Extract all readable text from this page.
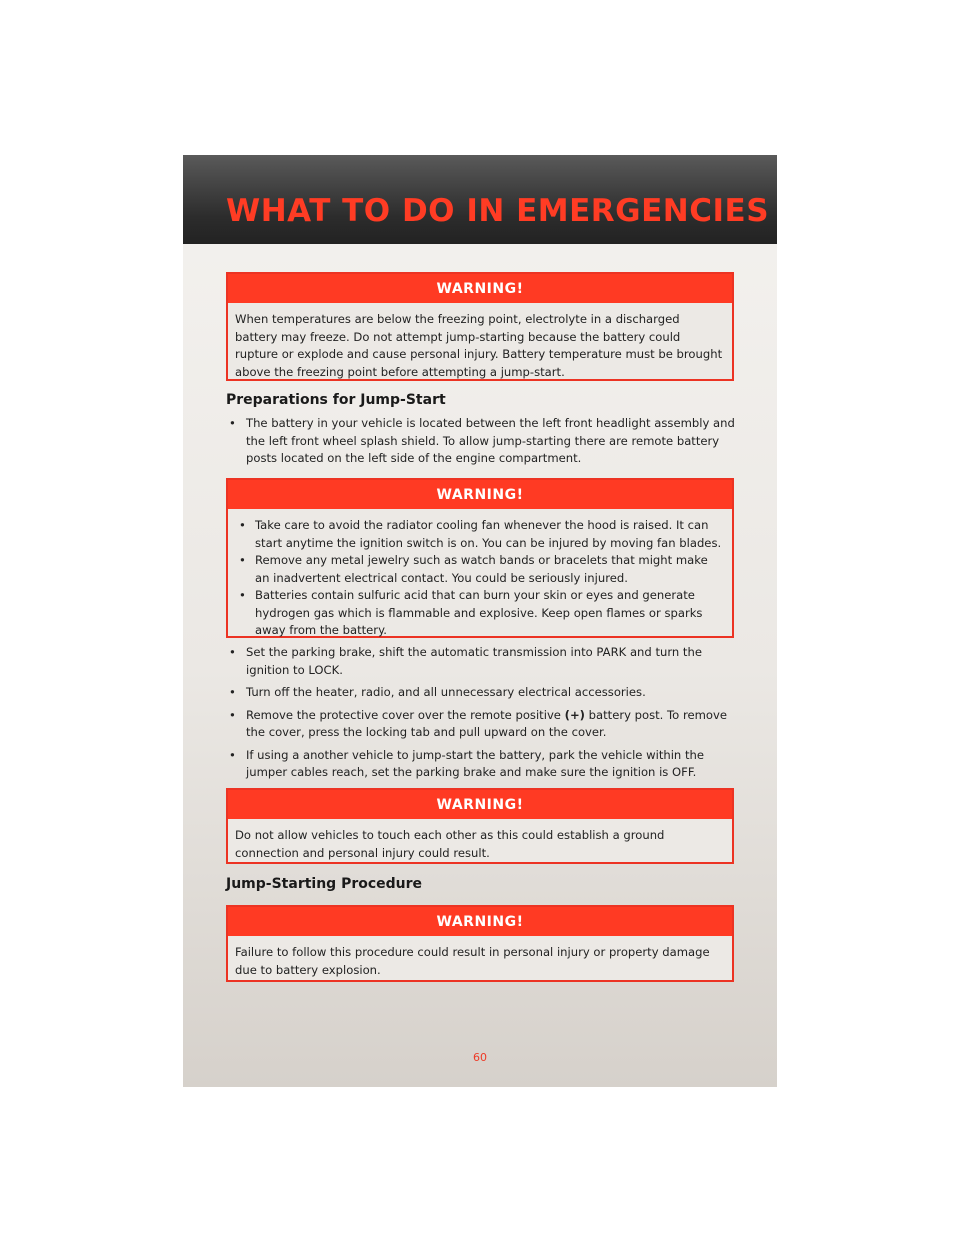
WHAT TO DO IN EMERGENCIES
WARNING!

When temperatures are below the freezing point, electrolyte in a discharged battery may freeze. Do not attempt jump-starting because the battery could rupture or explode and cause personal injury. Battery temperature must be brought above the freezing point before attempting a jump-start.

Preparations for Jump-Start
• The battery in your vehicle is located between the left front headlight assembly and the left front wheel splash shield. To allow jump-starting there are remote battery posts located on the left side of the engine compartment.
WARNING!
• Take care to avoid the radiator cooling fan whenever the hood is raised. It can start anytime the ignition switch is on. You can be injured by moving fan blades.
• Remove any metal jewelry such as watch bands or bracelets that might make an inadvertent electrical contact. You could be seriously injured.
• Batteries contain sulfuric acid that can burn your skin or eyes and generate hydrogen gas which is flammable and explosive. Keep open flames or sparks away from the battery.
• Set the parking brake, shift the automatic transmission into PARK and turn the ignition to LOCK.
• Turn off the heater, radio, and all unnecessary electrical accessories.
• Remove the protective cover over the remote positive (+) battery post. To remove the cover, press the locking tab and pull upward on the cover.
• If using a another vehicle to jump-start the battery, park the vehicle within the jumper cables reach, set the parking brake and make sure the ignition is OFF.
WARNING!

Do not allow vehicles to touch each other as this could establish a ground connection and personal injury could result.

Jump-Starting Procedure
WARNING!

Failure to follow this procedure could result in personal injury or property damage due to battery explosion.

60
